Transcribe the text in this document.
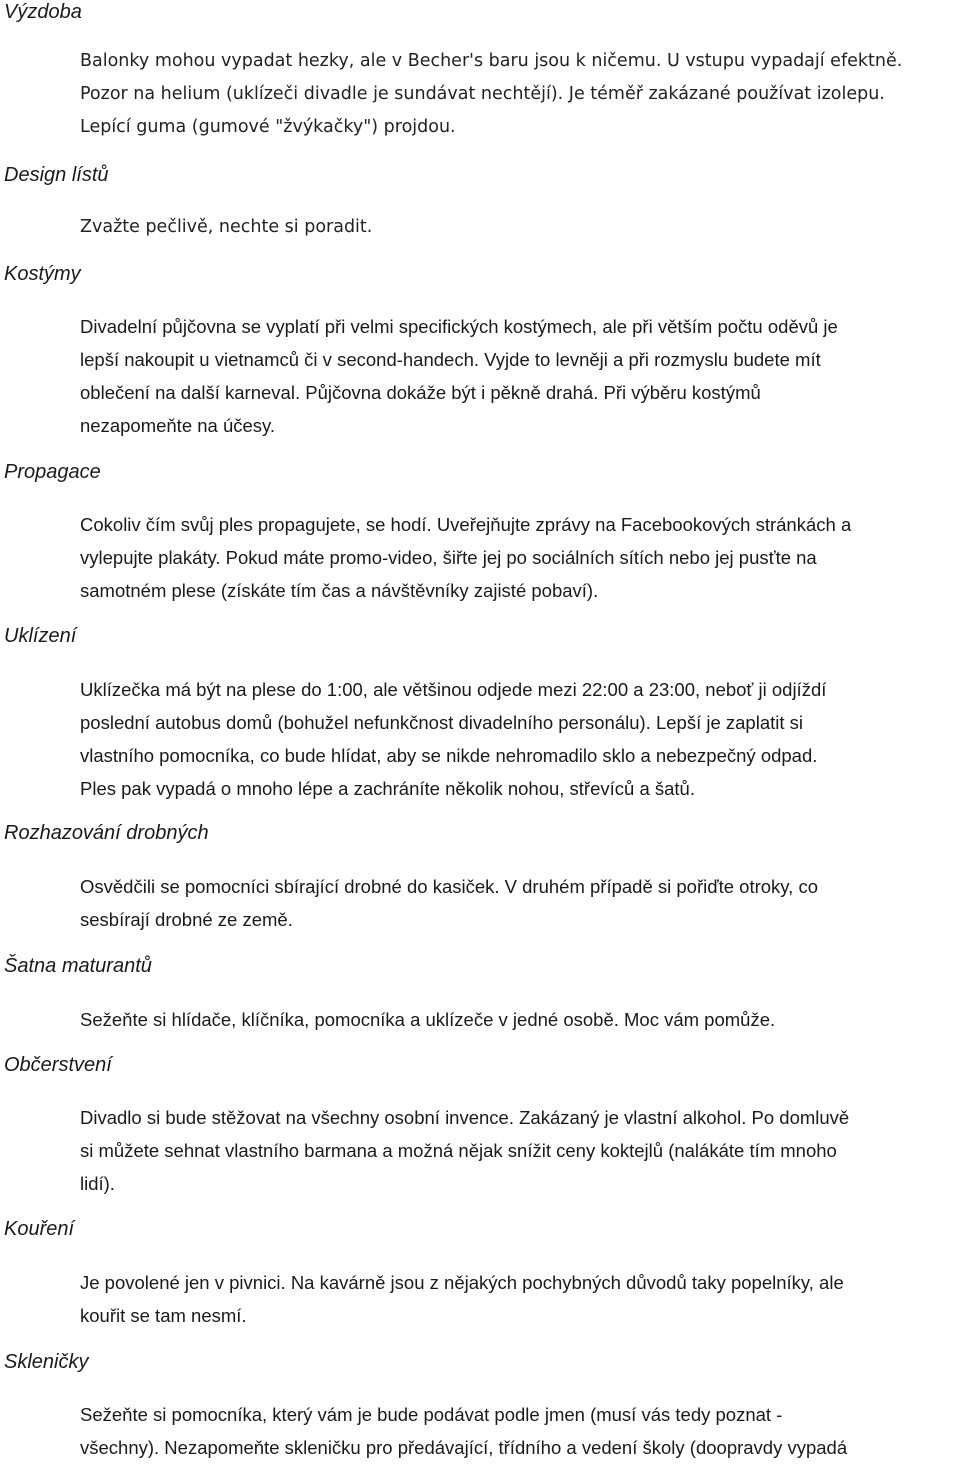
Výzdoba
Design lístů
Kostýmy
Propagace
Uklízení
Rozhazování drobných
Šatna maturantů
Občerstvení
Kouření
Skleničky
Balonky mohou vypadat hezky, ale v Becher's baru jsou k ničemu. U vstupu vypadají efektně.
Pozor na helium (uklízeči divadle je sundávat nechtějí). Je téměř zakázané používat izolepu.
Lepící guma (gumové "žvýkačky") projdou.
Zvažte pečlivě, nechte si poradit.
Divadelní půjčovna se vyplatí při velmi specifických kostýmech, ale při větším počtu oděvů je
lepší nakoupit u vietnamců či v second-handech. Vyjde to levněji a při rozmyslu budete mít
oblečení na další karneval. Půjčovna dokáže být i pěkně drahá. Při výběru kostýmů
nezapomeňte na účesy.
Cokoliv čím svůj ples propagujete, se hodí. Uveřejňujte zprávy na Facebookových stránkách a
vylepujte plakáty. Pokud máte promo-video, šiřte jej po sociálních sítích nebo jej pusťte na
samotném plese (získáte tím čas a návštěvníky zajisté pobaví).
Uklízečka má být na plese do 1:00, ale většinou odjede mezi 22:00 a 23:00, neboť ji odjíždí
poslední autobus domů (bohužel nefunkčnost divadelního personálu). Lepší je zaplatit si
vlastního pomocníka, co bude hlídat, aby se nikde nehromadilo sklo a nebezpečný odpad.
Ples pak vypadá o mnoho lépe a zachráníte několik nohou, střevíců a šatů.
Osvědčili se pomocníci sbírající drobné do kasiček. V druhém případě si pořiďte otroky, co
sesbírají drobné ze země.
Sežeňte si hlídače, klíčníka, pomocníka a uklízeče v jedné osobě. Moc vám pomůže.
Divadlo si bude stěžovat na všechny osobní invence. Zakázaný je vlastní alkohol. Po domluvě
si můžete sehnat vlastního barmana a možná nějak snížit ceny koktejlů (nalákáte tím mnoho
lidí).
Je povolené jen v pivnici. Na kavárně jsou z nějakých pochybných důvodů taky popelníky, ale
kouřit se tam nesmí.
Sežeňte si pomocníka, který vám je bude podávat podle jmen (musí vás tedy poznat -
všechny). Nezapomeňte skleničku pro předávající, třídního a vedení školy (doopravdy vypadá
